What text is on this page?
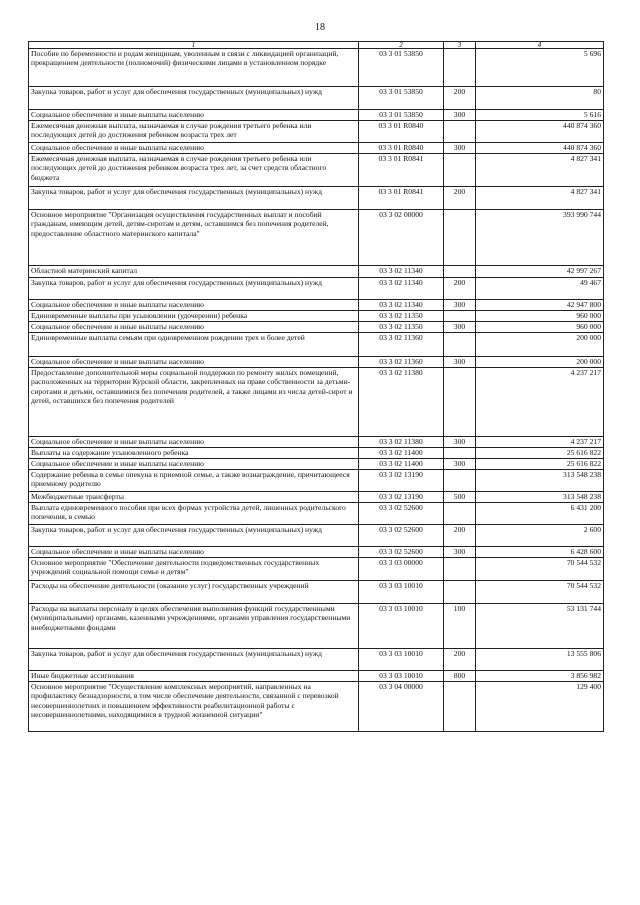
18
1	2	3	4
Пособие по беременности и родам женщинам, уволенным в связи с ликвидацией организаций, прекращением деятельности (полномочий) физическими лицами в установленном порядке	03 3 01 53850		5 696
Закупка товаров, работ и услуг для обеспечения государственных (муниципальных) нужд	03 3 01 53850	200	80
Социальное обеспечение и иные выплаты населению	03 3 01 53850	300	5 616
Ежемесячная денежная выплата, назначаемая в случае рождения третьего ребенка или последующих детей до достижения ребенком возраста трех лет	03 3 01 R0840		440 874 360
Социальное обеспечение и иные выплаты населению	03 3 01 R0840	300	440 874 360
Ежемесячная денежная выплата, назначаемая в случае рождения третьего ребенка или последующих детей до достижения ребенком возраста трех лет, за счет средств областного бюджета	03 3 01 R0841		4 827 341
Закупка товаров, работ и услуг для обеспечения государственных (муниципальных) нужд	03 3 01 R0841	200	4 827 341
Основное мероприятие "Организация осуществления государственных выплат и пособий гражданам, имеющим детей, детям-сиротам и детям, оставшимся без попечения родителей, предоставление областного материнского капитала"	03 3 02 00000		393 990 744
Областной материнский капитал	03 3 02 11340		42 997 267
Закупка товаров, работ и услуг для обеспечения государственных (муниципальных) нужд	03 3 02 11340	200	49 467
Социальное обеспечение и иные выплаты населению	03 3 02 11340	300	42 947 800
Единовременные выплаты при усыновлении (удочерении) ребенка	03 3 02 11350		960 000
Социальное обеспечение и иные выплаты населению	03 3 02 11350	300	960 000
Единовременные выплаты семьям при одновременном рождении трех и более детей	03 3 02 11360		200 000
Социальное обеспечение и иные выплаты населению	03 3 02 11360	300	200 000
Предоставление дополнительной меры социальной поддержки по ремонту жилых помещений, расположенных на территории Курской области, закрепленных на праве собственности за детьми-сиротами и детьми, оставшимися без попечения родителей, а также лицами из числа детей-сирот и детей, оставшихся без попечения родителей	03 3 02 11380		4 237 217
Социальное обеспечение и иные выплаты населению	03 3 02 11380	300	4 237 217
Выплаты на содержание усыновленного ребенка	03 3 02 11400		25 616 822
Социальное обеспечение и иные выплаты населению	03 3 02 11400	300	25 616 822
Содержание ребенка в семье опекуна и приемной семье, а также вознаграждение, причитающееся приемному родителю	03 3 02 13190		313 548 238
Межбюджетные трансферты	03 3 02 13190	500	313 548 238
Выплата единовременного пособия при всех формах устройства детей, лишенных родительского попечения, в семью	03 3 02 52600		6 431 200
Закупка товаров, работ и услуг для обеспечения государственных (муниципальных) нужд	03 3 02 52600	200	2 600
Социальное обеспечение и иные выплаты населению	03 3 02 52600	300	6 428 600
Основное мероприятие "Обеспечение деятельности подведомственных государственных учреждений социальной помощи семье и детям"	03 3 03 00000		70 544 532
Расходы на обеспечение деятельности (оказание услуг) государственных учреждений	03 3 03 10010		70 544 532
Расходы на выплаты персоналу в целях обеспечения выполнения функций государственными (муниципальными) органами, казенными учреждениями, органами управления государственными внебюджетными фондами	03 3 03 10010	100	53 131 744
Закупка товаров, работ и услуг для обеспечения государственных (муниципальных) нужд	03 3 03 10010	200	13 555 806
Иные бюджетные ассигнования	03 3 03 10010	800	3 856 982
Основное мероприятие "Осуществление комплексных мероприятий, направленных на профилактику безнадзорности, в том числе обеспечение деятельности, связанной с перевозкой несовершеннолетних и повышением эффективности реабилитационной работы с несовершеннолетними, находящимися в трудной жизненной ситуации"	03 3 04 00000		129 400
